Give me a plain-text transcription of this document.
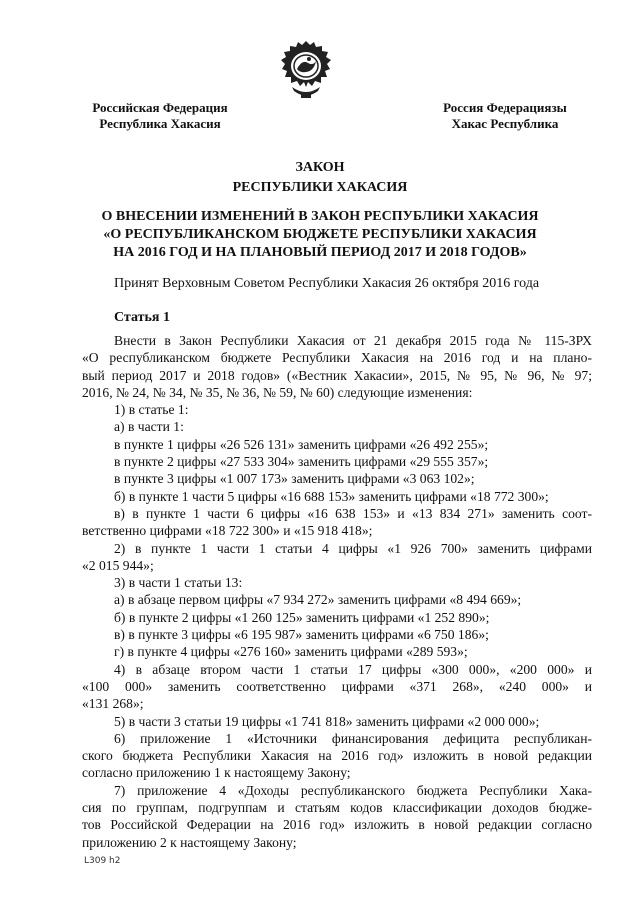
Российская Федерация
Республика Хакасия
Россия Федерациязы
Хакас Республика
ЗАКОН
РЕСПУБЛИКИ ХАКАСИЯ
О ВНЕСЕНИИ ИЗМЕНЕНИЙ В ЗАКОН РЕСПУБЛИКИ ХАКАСИЯ
«О РЕСПУБЛИКАНСКОМ БЮДЖЕТЕ РЕСПУБЛИКИ ХАКАСИЯ
НА 2016 ГОД И НА ПЛАНОВЫЙ ПЕРИОД 2017 И 2018 ГОДОВ»
Принят Верховным Советом Республики Хакасия 26 октября 2016 года
Статья 1
Внести в Закон Республики Хакасия от 21 декабря 2015 года № 115-ЗРХ
«О республиканском бюджете Республики Хакасия на 2016 год и на плано-
вый период 2017 и 2018 годов» («Вестник Хакасии», 2015, № 95, № 96, № 97;
2016, № 24, № 34, № 35, № 36, № 59, № 60) следующие изменения:
1) в статье 1:
а) в части 1:
в пункте 1 цифры «26 526 131» заменить цифрами «26 492 255»;
в пункте 2 цифры «27 533 304» заменить цифрами «29 555 357»;
в пункте 3 цифры «1 007 173» заменить цифрами «3 063 102»;
б) в пункте 1 части 5 цифры «16 688 153» заменить цифрами «18 772 300»;
в) в пункте 1 части 6 цифры «16 638 153» и «13 834 271» заменить соот-
ветственно цифрами «18 722 300» и «15 918 418»;
2) в пункте 1 части 1 статьи 4 цифры «1 926 700» заменить цифрами
«2 015 944»;
3) в части 1 статьи 13:
а) в абзаце первом цифры «7 934 272» заменить цифрами «8 494 669»;
б) в пункте 2 цифры «1 260 125» заменить цифрами «1 252 890»;
в) в пункте 3 цифры «6 195 987» заменить цифрами «6 750 186»;
г) в пункте 4 цифры «276 160» заменить цифрами «289 593»;
4) в абзаце втором части 1 статьи 17 цифры «300 000», «200 000» и
«100 000» заменить соответственно цифрами «371 268», «240 000» и
«131 268»;
5) в части 3 статьи 19 цифры «1 741 818» заменить цифрами «2 000 000»;
6) приложение 1 «Источники финансирования дефицита республикан-
ского бюджета Республики Хакасия на 2016 год» изложить в новой редакции
согласно приложению 1 к настоящему Закону;
7) приложение 4 «Доходы республиканского бюджета Республики Хака-
сия по группам, подгруппам и статьям кодов классификации доходов бюдже-
тов Российской Федерации на 2016 год» изложить в новой редакции согласно
приложению 2 к настоящему Закону;
L309 h2
